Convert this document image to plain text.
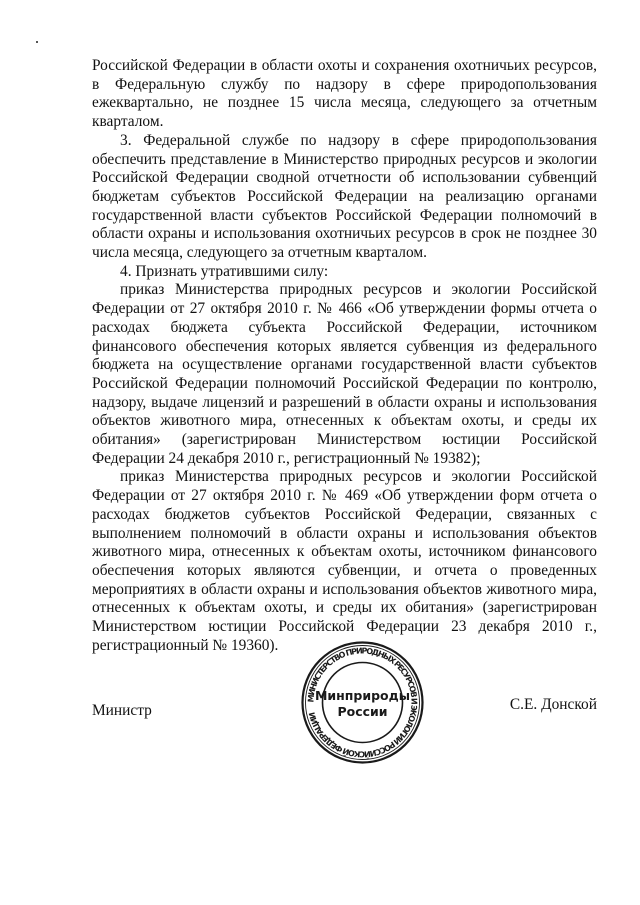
Российской Федерации в области охоты и сохранения охотничьих ресурсов, в Федеральную службу по надзору в сфере природопользования ежеквартально, не позднее 15 числа месяца, следующего за отчетным кварталом.

3. Федеральной службе по надзору в сфере природопользования обеспечить представление в Министерство природных ресурсов и экологии Российской Федерации сводной отчетности об использовании субвенций бюджетам субъектов Российской Федерации на реализацию органами государственной власти субъектов Российской Федерации полномочий в области охраны и использования охотничьих ресурсов в срок не позднее 30 числа месяца, следующего за отчетным кварталом.

4. Признать утратившими силу:

приказ Министерства природных ресурсов и экологии Российской Федерации от 27 октября 2010 г. № 466 «Об утверждении формы отчета о расходах бюджета субъекта Российской Федерации, источником финансового обеспечения которых является субвенция из федерального бюджета на осуществление органами государственной власти субъектов Российской Федерации полномочий Российской Федерации по контролю, надзору, выдаче лицензий и разрешений в области охраны и использования объектов животного мира, отнесенных к объектам охоты, и среды их обитания» (зарегистрирован Министерством юстиции Российской Федерации 24 декабря 2010 г., регистрационный № 19382);

приказ Министерства природных ресурсов и экологии Российской Федерации от 27 октября 2010 г. № 469 «Об утверждении форм отчета о расходах бюджетов субъектов Российской Федерации, связанных с выполнением полномочий в области охраны и использования объектов животного мира, отнесенных к объектам охоты, источником финансового обеспечения которых являются субвенции, и отчета о проведенных мероприятиях в области охраны и использования объектов животного мира, отнесенных к объектам охоты, и среды их обитания» (зарегистрирован Министерством юстиции Российской Федерации 23 декабря 2010 г., регистрационный № 19360).

Министр
МИНИСТЕРСТВО ПРИРОДНЫХ РЕСУРСОВ И ЭКОЛОГИИ РОССИЙСКОЙ ФЕДЕРАЦИИ
Минприроды
России	С.Е. Донской
